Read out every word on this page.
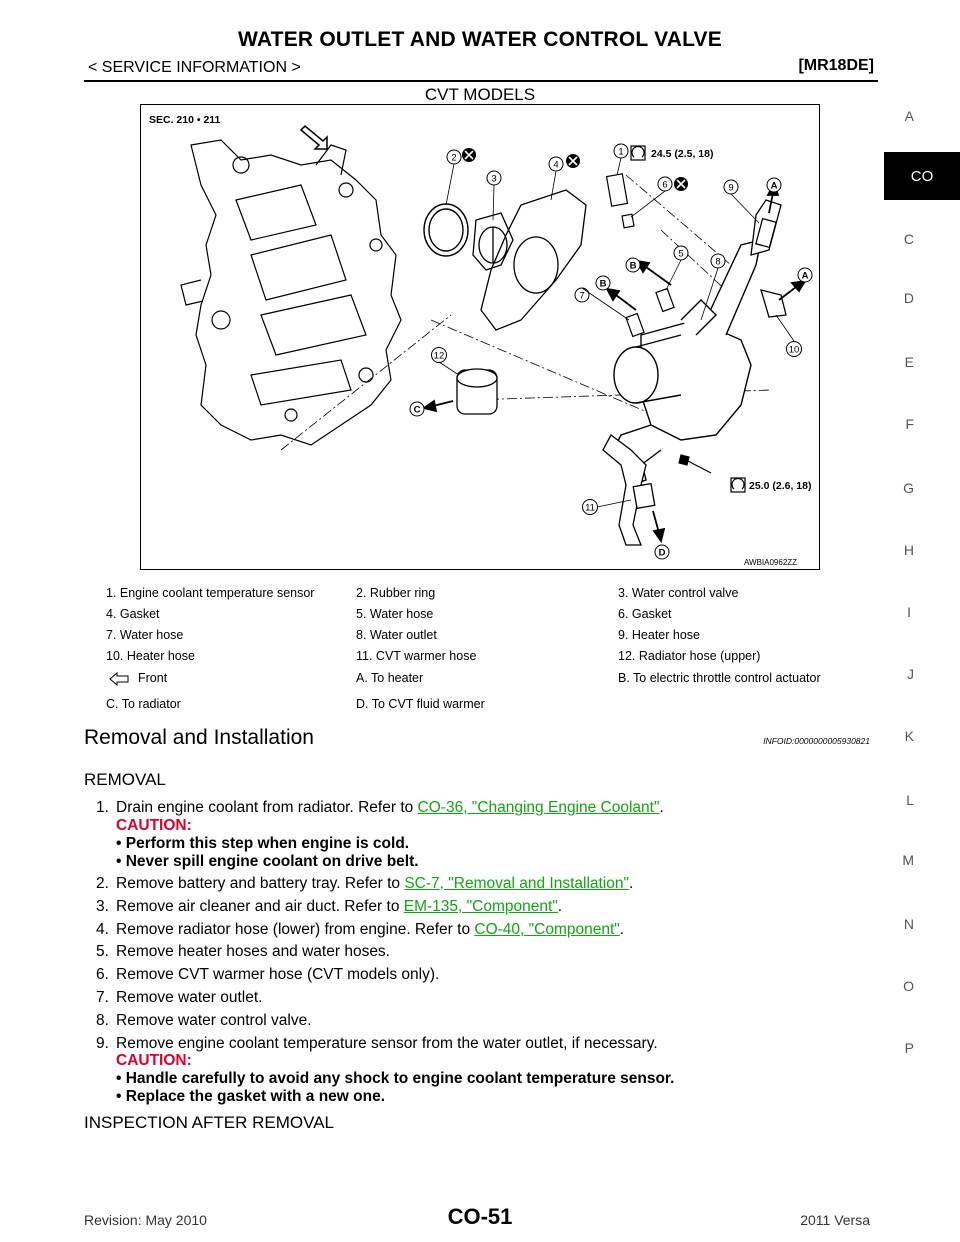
WATER OUTLET AND WATER CONTROL VALVE
< SERVICE INFORMATION >	[MR18DE]
CVT MODELS
A
CO
C
D
E
F
G
H
I
J
K
L
M
N
O
P
SEC. 210 • 211
24.5 (2.5, 18)
25.0 (2.6, 18)
AWBIA0962ZZ
1
2
3
4
5
6
7
8
9
10
11
12
A
A
B
B
C
D
1. Engine coolant temperature sensor	2. Rubber ring	3. Water control valve
4. Gasket	5. Water hose	6. Gasket
7. Water hose	8. Water outlet	9. Heater hose
10. Heater hose	11. CVT warmer hose	12. Radiator hose (upper)
Front	A. To heater	B. To electric throttle control actuator
C. To radiator	D. To CVT fluid warmer
Removal and Installation	INFOID:0000000005930821
REMOVAL
1. Drain engine coolant from radiator. Refer to CO-36, "Changing Engine Coolant".
CAUTION:
• Perform this step when engine is cold.
• Never spill engine coolant on drive belt.
2. Remove battery and battery tray. Refer to SC-7, "Removal and Installation".
3. Remove air cleaner and air duct. Refer to EM-135, "Component".
4. Remove radiator hose (lower) from engine. Refer to CO-40, "Component".
5. Remove heater hoses and water hoses.
6. Remove CVT warmer hose (CVT models only).
7. Remove water outlet.
8. Remove water control valve.
9. Remove engine coolant temperature sensor from the water outlet, if necessary.
CAUTION:
• Handle carefully to avoid any shock to engine coolant temperature sensor.
• Replace the gasket with a new one.
INSPECTION AFTER REMOVAL
Revision: May 2010	CO-51	2011 Versa
